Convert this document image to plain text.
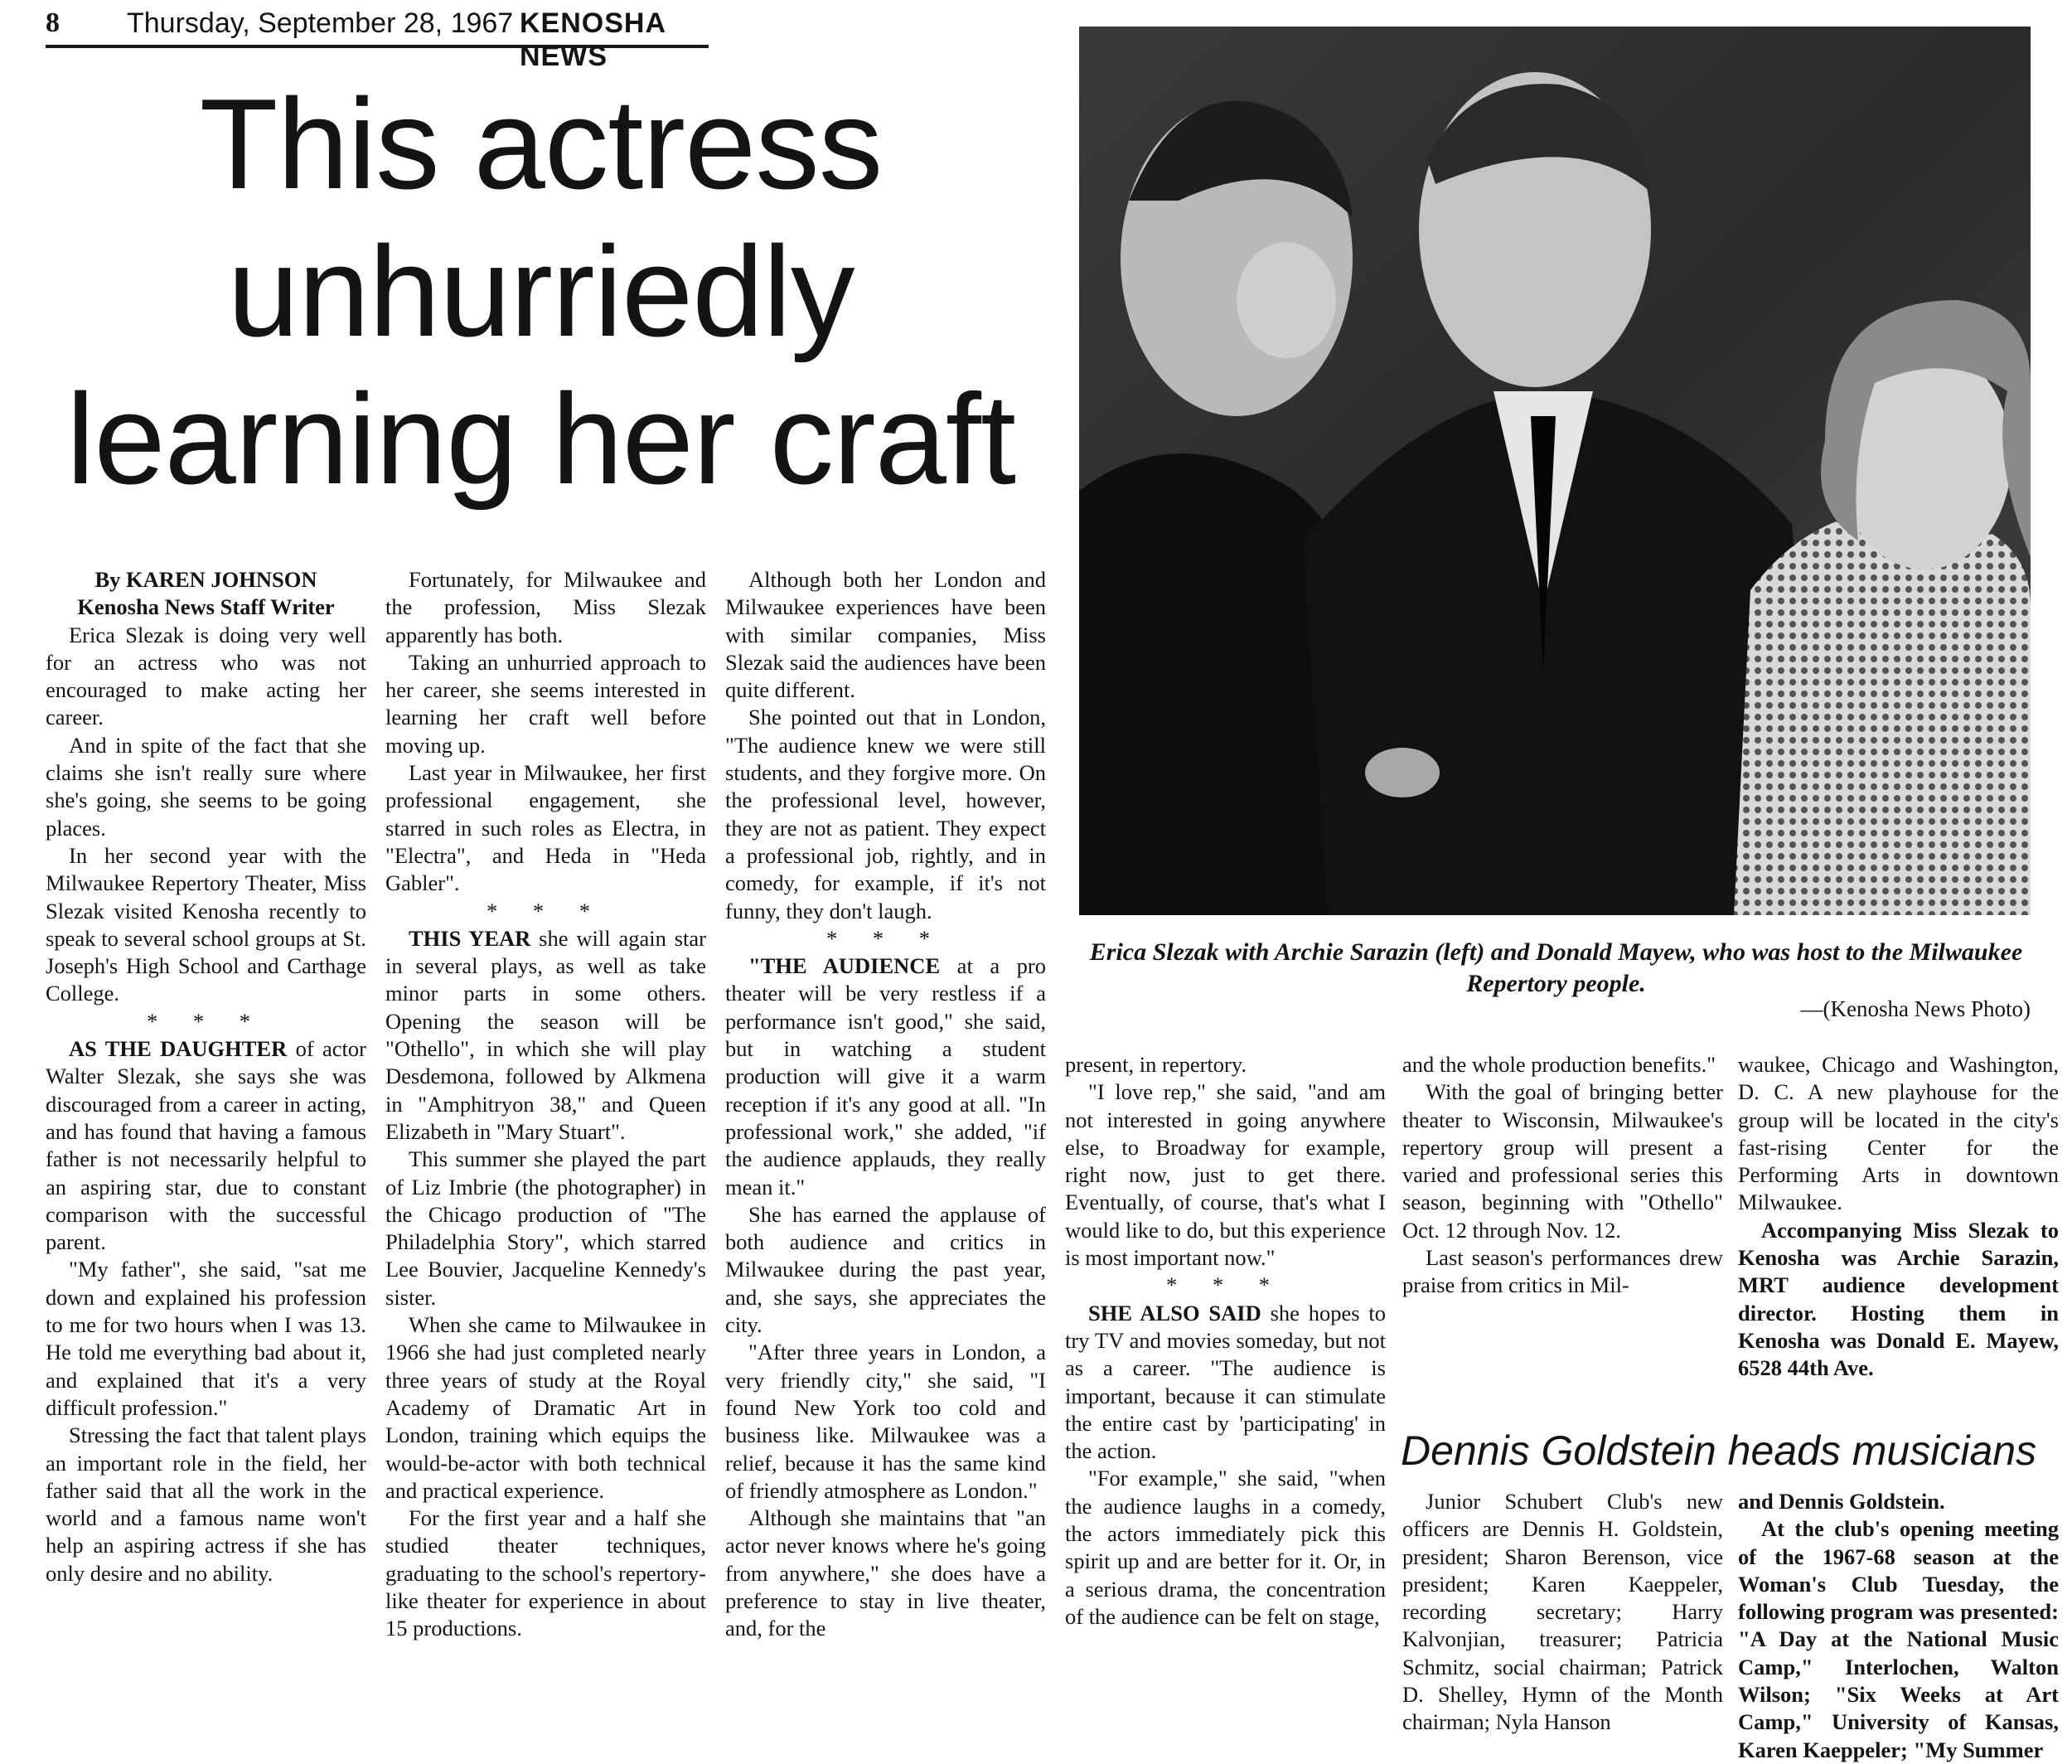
8 Thursday, September 28, 1967 KENOSHA NEWS
This actress
unhurriedly
learning her craft
Erica Slezak with Archie Sarazin (left) and Donald Mayew, who was host to the Milwaukee Repertory people.
—(Kenosha News Photo)

By KAREN JOHNSON

Kenosha News Staff Writer

Erica Slezak is doing very well for an actress who was not encouraged to make acting her career.

And in spite of the fact that she claims she isn't really sure where she's going, she seems to be going places.

In her second year with the Milwaukee Repertory Theater, Miss Slezak visited Kenosha recently to speak to several school groups at St. Joseph's High School and Carthage College.

* * *

AS THE DAUGHTER of actor Walter Slezak, she says she was discouraged from a career in acting, and has found that having a famous father is not necessarily helpful to an aspiring star, due to constant comparison with the successful parent.

"My father", she said, "sat me down and explained his profession to me for two hours when I was 13. He told me everything bad about it, and explained that it's a very difficult profession."

Stressing the fact that talent plays an important role in the field, her father said that all the work in the world and a famous name won't help an aspiring actress if she has only desire and no ability.

Fortunately, for Milwaukee and the profession, Miss Slezak apparently has both.

Taking an unhurried approach to her career, she seems interested in learning her craft well before moving up.

Last year in Milwaukee, her first professional engagement, she starred in such roles as Electra, in "Electra", and Heda in "Heda Gabler".

* * *

THIS YEAR she will again star in several plays, as well as take minor parts in some others. Opening the season will be "Othello", in which she will play Desdemona, followed by Alkmena in "Amphitryon 38," and Queen Elizabeth in "Mary Stuart".

This summer she played the part of Liz Imbrie (the photographer) in the Chicago production of "The Philadelphia Story", which starred Lee Bouvier, Jacqueline Kennedy's sister.

When she came to Milwaukee in 1966 she had just completed nearly three years of study at the Royal Academy of Dramatic Art in London, training which equips the would-be-actor with both technical and practical experience.

For the first year and a half she studied theater techniques, graduating to the school's repertory-like theater for experience in about 15 productions.

Although both her London and Milwaukee experiences have been with similar companies, Miss Slezak said the audiences have been quite different.

She pointed out that in London, "The audience knew we were still students, and they forgive more. On the professional level, however, they are not as patient. They expect a professional job, rightly, and in comedy, for example, if it's not funny, they don't laugh.

* * *

"THE AUDIENCE at a pro theater will be very restless if a performance isn't good," she said, but in watching a student production will give it a warm reception if it's any good at all. "In professional work," she added, "if the audience applauds, they really mean it."

She has earned the applause of both audience and critics in Milwaukee during the past year, and, she says, she appreciates the city.

"After three years in London, a very friendly city," she said, "I found New York too cold and business like. Milwaukee was a relief, because it has the same kind of friendly atmosphere as London."

Although she maintains that "an actor never knows where he's going from anywhere," she does have a preference to stay in live theater, and, for the

present, in repertory.

"I love rep," she said, "and am not interested in going anywhere else, to Broadway for example, right now, just to get there. Eventually, of course, that's what I would like to do, but this experience is most important now."

* * *

SHE ALSO SAID she hopes to try TV and movies someday, but not as a career. "The audience is important, because it can stimulate the entire cast by 'participating' in the action.

"For example," she said, "when the audience laughs in a comedy, the actors immediately pick this spirit up and are better for it. Or, in a serious drama, the concentration of the audience can be felt on stage,

and the whole production benefits."

With the goal of bringing better theater to Wisconsin, Milwaukee's repertory group will present a varied and professional series this season, beginning with "Othello" Oct. 12 through Nov. 12.

Last season's performances drew praise from critics in Mil-

waukee, Chicago and Washington, D. C. A new playhouse for the group will be located in the city's fast-rising Center for the Performing Arts in downtown Milwaukee.

Accompanying Miss Slezak to Kenosha was Archie Sarazin, MRT audience development director. Hosting them in Kenosha was Donald E. Mayew, 6528 44th Ave.

Dennis Goldstein heads musicians

Junior Schubert Club's new officers are Dennis H. Goldstein, president; Sharon Berenson, vice president; Karen Kaeppeler, recording secretary; Harry Kalvonjian, treasurer; Patricia Schmitz, social chairman; Patrick D. Shelley, Hymn of the Month chairman; Nyla Hanson

and Dennis Goldstein.

At the club's opening meeting of the 1967-68 season at the Woman's Club Tuesday, the following program was presented: "A Day at the National Music Camp," Interlochen, Walton Wilson; "Six Weeks at Art Camp," University of Kansas, Karen Kaeppeler; "My Summer
